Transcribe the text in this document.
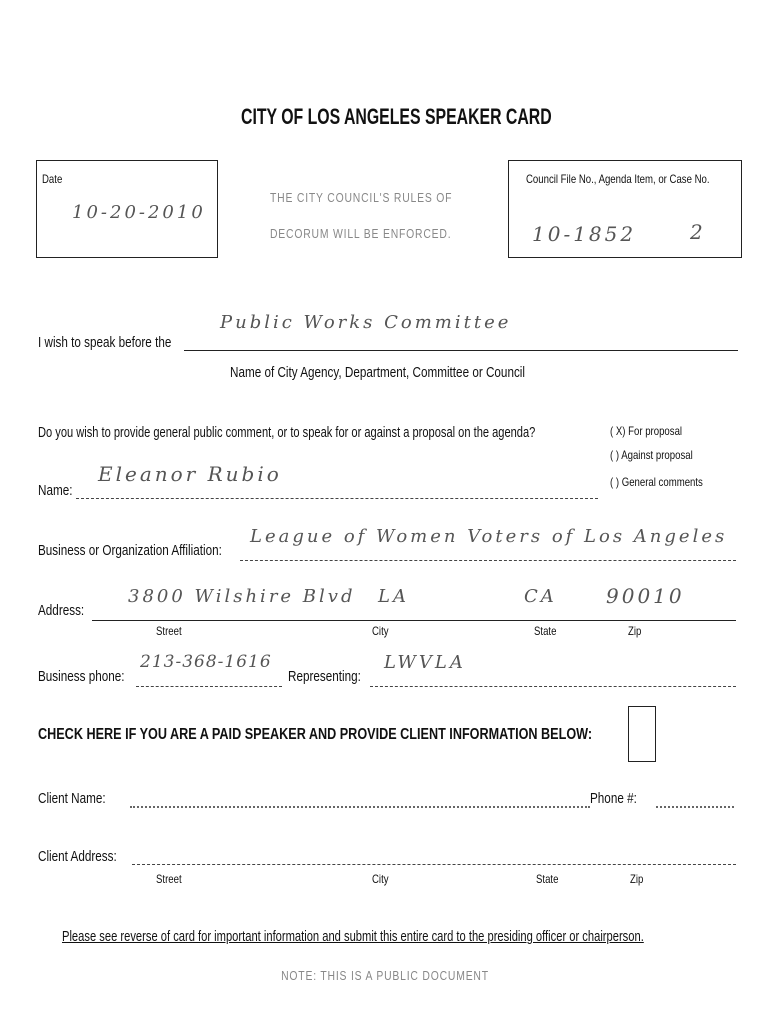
CITY OF LOS ANGELES SPEAKER CARD
Date
10-20-2010
THE CITY COUNCIL'S RULES OF
DECORUM WILL BE ENFORCED.
Council File No., Agenda Item, or Case No.
10-1852	2
I wish to speak before the
Public Works Committee
Name of City Agency, Department, Committee or Council
Do you wish to provide general public comment, or to speak for or against a proposal on the agenda?	( X) For proposal
( ) Against proposal
( ) General comments
Name:
Eleanor Rubio
Business or Organization Affiliation:
League of Women Voters of Los Angeles
Address:
3800 Wilshire Blvd LA	CA 90010
Street	City	State	Zip
Business phone:
213-368-1616
Representing:
LWVLA
CHECK HERE IF YOU ARE A PAID SPEAKER AND PROVIDE CLIENT INFORMATION BELOW:
Client Name:	Phone #:
Client Address:
Street	City	State	Zip
Please see reverse of card for important information and submit this entire card to the presiding officer or chairperson.
NOTE: THIS IS A PUBLIC DOCUMENT
